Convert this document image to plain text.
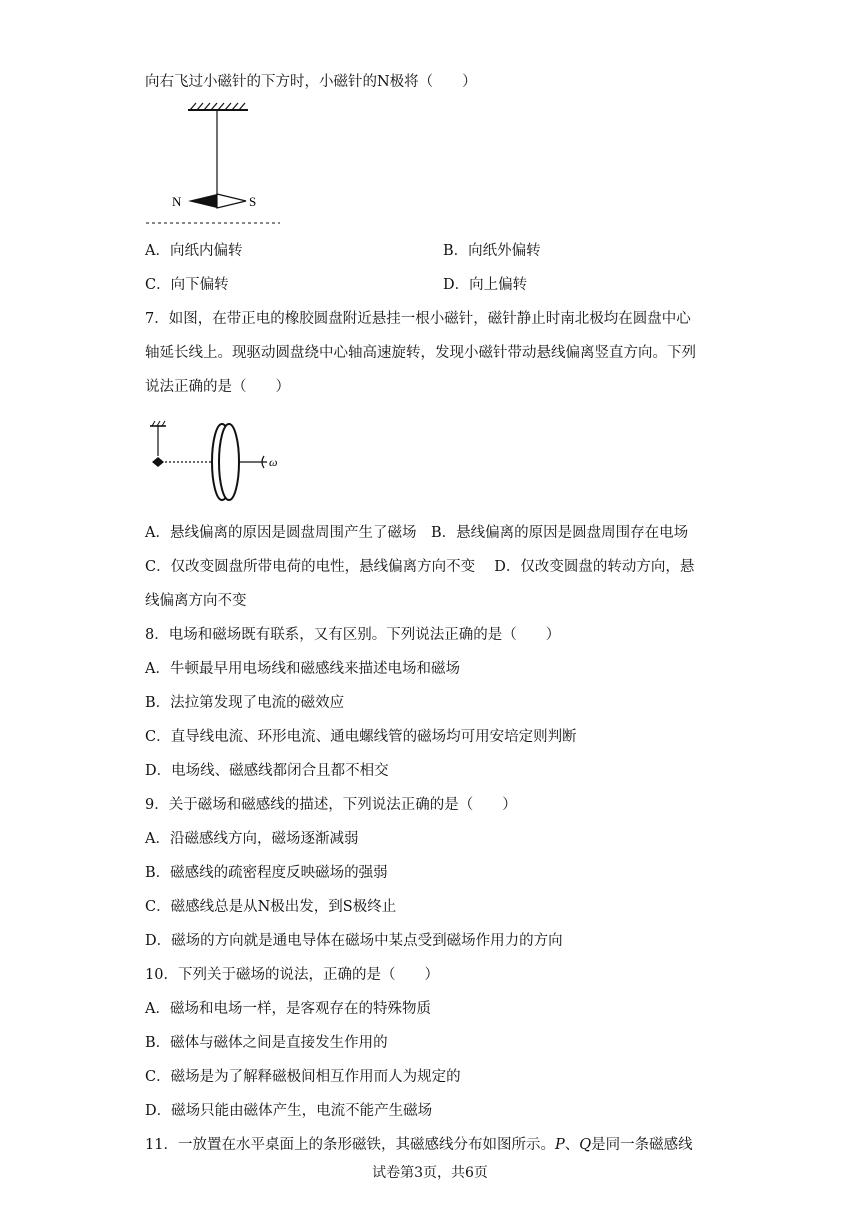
向右飞过小磁针的下方时，小磁针的N极将（　　）
N	S
A．向纸内偏转	B．向纸外偏转
C．向下偏转	D．向上偏转
7．如图，在带正电的橡胶圆盘附近悬挂一根小磁针，磁针静止时南北极均在圆盘中心
轴延长线上。现驱动圆盘绕中心轴高速旋转，发现小磁针带动悬线偏离竖直方向。下列
说法正确的是（　　）
ω
A．悬线偏离的原因是圆盘周围产生了磁场　B．悬线偏离的原因是圆盘周围存在电场
C．仅改变圆盘所带电荷的电性，悬线偏离方向不变　 D．仅改变圆盘的转动方向，悬
线偏离方向不变
8．电场和磁场既有联系，又有区别。下列说法正确的是（　　）
A．牛顿最早用电场线和磁感线来描述电场和磁场
B．法拉第发现了电流的磁效应
C．直导线电流、环形电流、通电螺线管的磁场均可用安培定则判断
D．电场线、磁感线都闭合且都不相交
9．关于磁场和磁感线的描述，下列说法正确的是（　　）
A．沿磁感线方向，磁场逐渐减弱
B．磁感线的疏密程度反映磁场的强弱
C．磁感线总是从N极出发，到S极终止
D．磁场的方向就是通电导体在磁场中某点受到磁场作用力的方向
10．下列关于磁场的说法，正确的是（　　）
A．磁场和电场一样，是客观存在的特殊物质
B．磁体与磁体之间是直接发生作用的
C．磁场是为了解释磁极间相互作用而人为规定的
D．磁场只能由磁体产生，电流不能产生磁场
11．一放置在水平桌面上的条形磁铁，其磁感线分布如图所示。P、Q是同一条磁感线
试卷第3页，共6页
